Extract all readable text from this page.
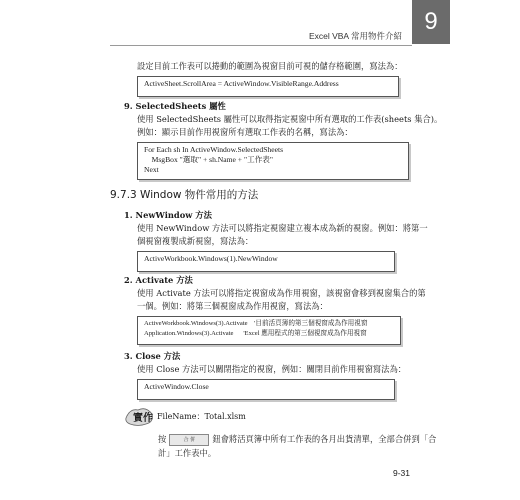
9
Excel VBA 常用物件介紹
設定目前工作表可以捲動的範圍為視窗目前可視的儲存格範圍，寫法為：
ActiveSheet.ScrollArea = ActiveWindow.VisibleRange.Address
9. SelectedSheets 屬性
使用 SelectedSheets 屬性可以取得指定視窗中所有選取的工作表(sheets 集合)。
例如：顯示目前作用視窗所有選取工作表的名稱，寫法為：
For Each sh In ActiveWindow.SelectedSheets
MsgBox "選取" + sh.Name + "工作表"
Next
9.7.3 Window 物件常用的方法
1. NewWindow 方法
使用 NewWindow 方法可以將指定視窗建立複本成為新的視窗。例如：將第一
個視窗複製成新視窗，寫法為：
ActiveWorkbook.Windows(1).NewWindow
2. Activate 方法
使用 Activate 方法可以將指定視窗成為作用視窗，該視窗會移到視窗集合的第
一個。例如：將第三個視窗成為作用視窗，寫法為：
ActiveWorkbook.Windows(3).Activate    '目前活頁簿的第三個視窗成為作用視窗
Application.Windows(3).Activate      'Excel 應用程式的第三個視窗成為作用視窗
3. Close 方法
使用 Close 方法可以關閉指定的視窗，例如：關閉目前作用視窗寫法為：
ActiveWindow.Close
實作 FileName：Total.xlsm
按	合 併 鈕會將活頁簿中所有工作表的各月出貨清單，全部合併到「合
計」工作表中。
9-31
